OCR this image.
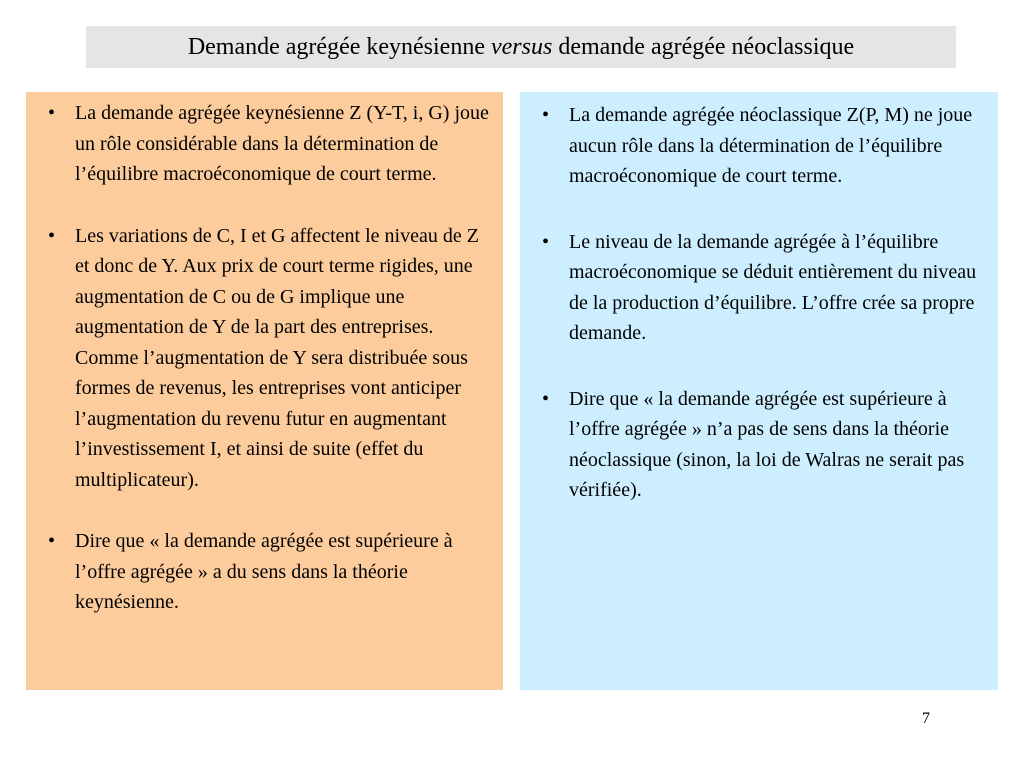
Demande agrégée keynésienne versus demande agrégée néoclassique
• La demande agrégée keynésienne Z (Y-T, i, G) joue un rôle considérable dans la détermination de l’équilibre macroéconomique de court terme.
• Les variations de C, I et G affectent le niveau de Z et donc de Y. Aux prix de court terme rigides, une augmentation de C ou de G implique une augmentation de Y de la part des entreprises. Comme l’augmentation de Y sera distribuée sous formes de revenus, les entreprises vont anticiper l’augmentation du revenu futur en augmentant l’investissement I, et ainsi de suite (effet du multiplicateur).
• Dire que « la demande agrégée est supérieure à l’offre agrégée » a du sens dans la théorie keynésienne.
• La demande agrégée néoclassique Z(P, M) ne joue aucun rôle dans la détermination de l’équilibre macroéconomique de court terme.
• Le niveau de la demande agrégée à l’équilibre macroéconomique se déduit entièrement du niveau de la production d’équilibre. L’offre crée sa propre demande.
• Dire que « la demande agrégée est supérieure à l’offre agrégée » n’a pas de sens dans la théorie néoclassique (sinon, la loi de Walras ne serait pas vérifiée).
7
